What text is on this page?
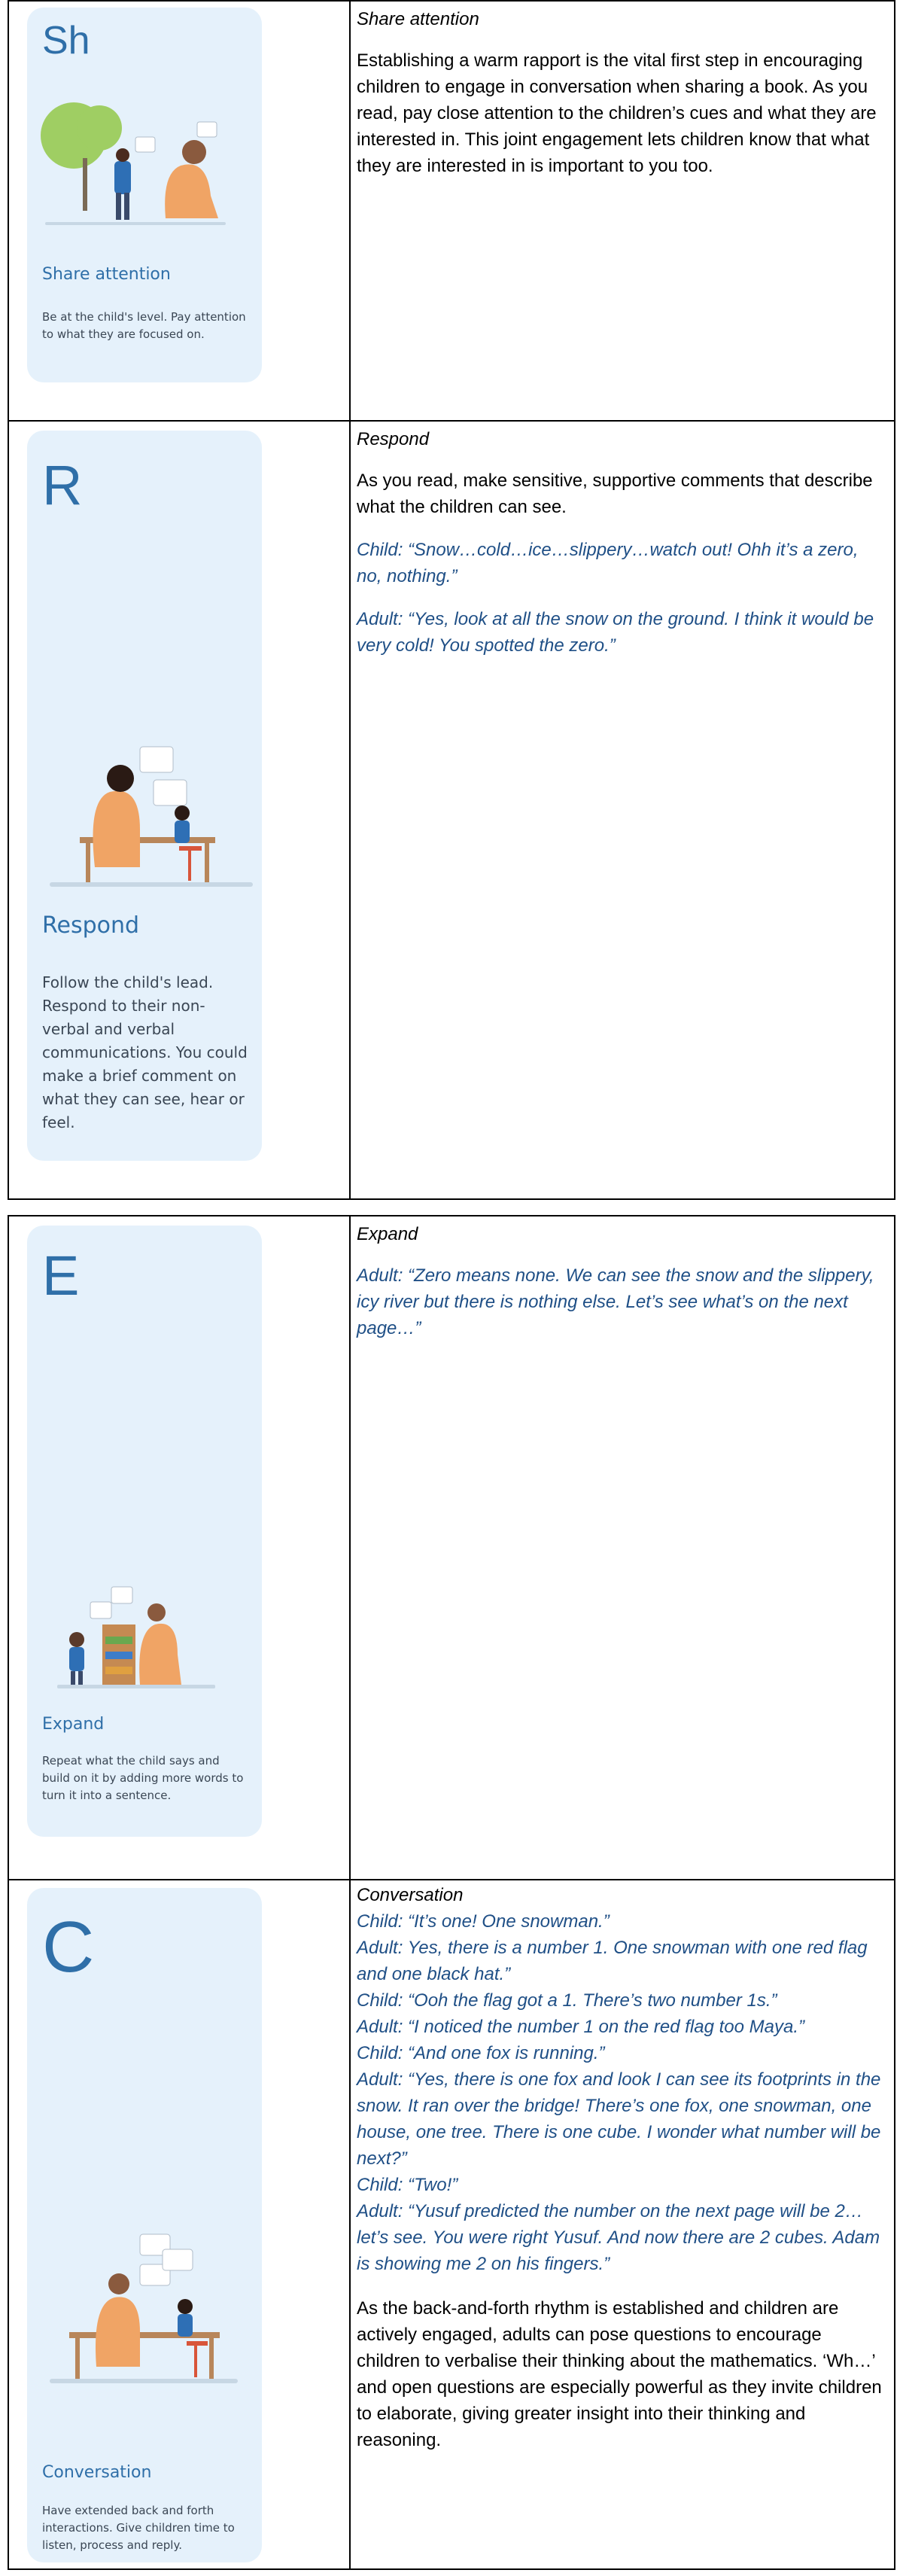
Sh
Share attention
Be at the child's level. Pay attention to what they are focused on.

Share attention

Establishing a warm rapport is the vital first step in encouraging children to engage in conversation when sharing a book. As you read, pay close attention to the children’s cues and what they are interested in. This joint engagement lets children know that what they are interested in is important to you too.

R
Respond
Follow the child's lead. Respond to their non-verbal and verbal communications. You could make a brief comment on what they can see, hear or feel.

Respond

As you read, make sensitive, supportive comments that describe what the children can see.

Child: “Snow…cold…ice…slippery…watch out! Ohh it’s a zero, no, nothing.”

Adult: “Yes, look at all the snow on the ground. I think it would be very cold! You spotted the zero.”

E
Expand
Repeat what the child says and build on it by adding more words to turn it into a sentence.

Expand

Adult: “Zero means none. We can see the snow and the slippery, icy river but there is nothing else. Let’s see what’s on the next page…”

C
Conversation
Have extended back and forth interactions. Give children time to listen, process and reply.

Conversation

Child: “It’s one! One snowman.”

Adult: Yes, there is a number 1. One snowman with one red flag and one black hat.”

Child: “Ooh the flag got a 1. There’s two number 1s.”

Adult: “I noticed the number 1 on the red flag too Maya.”

Child: “And one fox is running.”

Adult: “Yes, there is one fox and look I can see its footprints in the snow. It ran over the bridge! There’s one fox, one snowman, one house, one tree. There is one cube. I wonder what number will be next?”

Child: “Two!”

Adult: “Yusuf predicted the number on the next page will be 2…let’s see. You were right Yusuf. And now there are 2 cubes. Adam is showing me 2 on his fingers.”

As the back-and-forth rhythm is established and children are actively engaged, adults can pose questions to encourage children to verbalise their thinking about the mathematics. ‘Wh…’ and open questions are especially powerful as they invite children to elaborate, giving greater insight into their thinking and reasoning.
